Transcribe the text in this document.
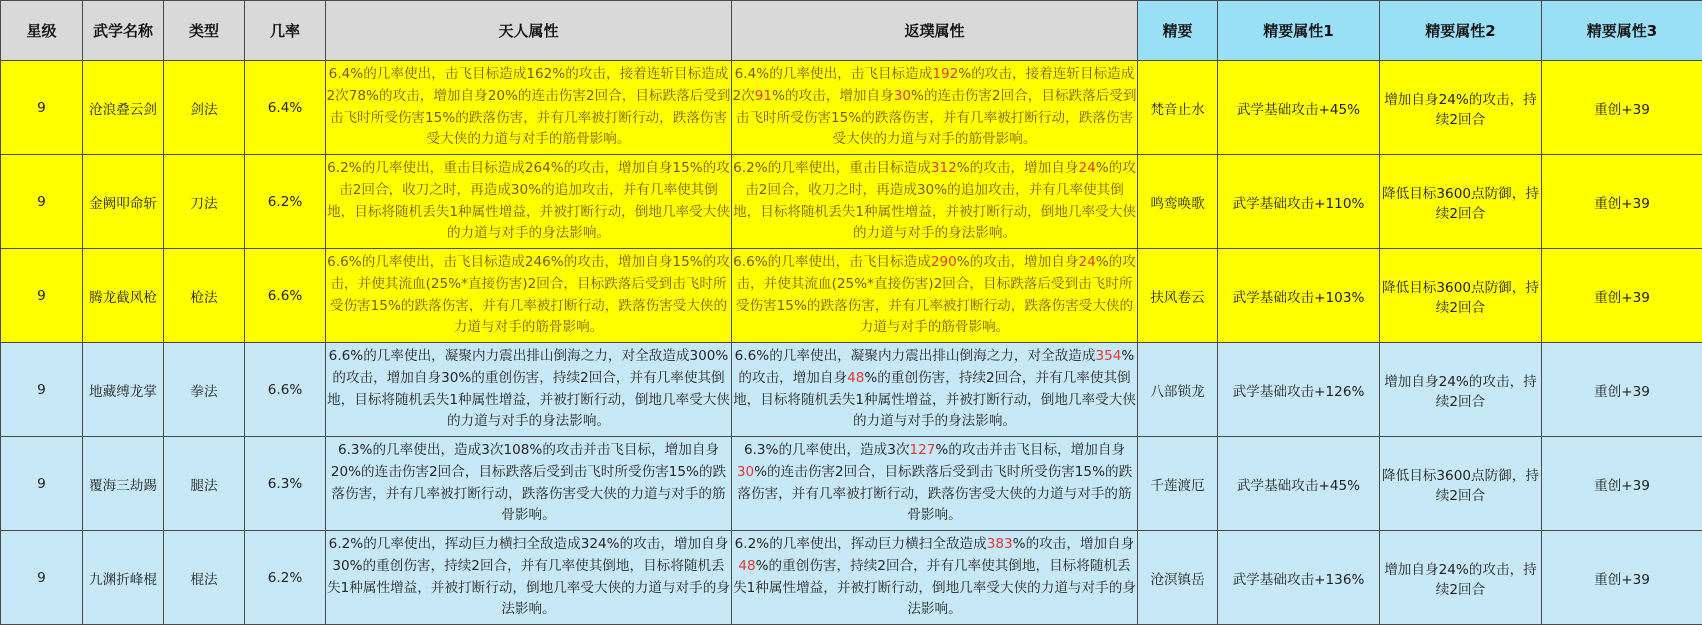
星级	武学名称	类型	几率	天人属性	返璞属性	精要	精要属性1	精要属性2	精要属性3
9	沧浪叠云剑	剑法	6.4%	6.4%的几率使出，击飞目标造成162%的攻击，接着连斩目标造成2次78%的攻击，增加自身20%的连击伤害2回合，目标跌落后受到击飞时所受伤害15%的跌落伤害，并有几率被打断行动，跌落伤害受大侠的力道与对手的筋骨影响。	6.4%的几率使出，击飞目标造成192%的攻击，接着连斩目标造成2次91%的攻击，增加自身30%的连击伤害2回合，目标跌落后受到击飞时所受伤害15%的跌落伤害，并有几率被打断行动，跌落伤害受大侠的力道与对手的筋骨影响。	梵音止水	武学基础攻击+45%	增加自身24%的攻击，持续2回合	重创+39
9	金阙叩命斩	刀法	6.2%	6.2%的几率使出，重击目标造成264%的攻击，增加自身15%的攻击2回合，收刀之时，再造成30%的追加攻击，并有几率使其倒地，目标将随机丢失1种属性增益，并被打断行动，倒地几率受大侠的力道与对手的身法影响。	6.2%的几率使出，重击目标造成312%的攻击，增加自身24%的攻击2回合，收刀之时，再造成30%的追加攻击，并有几率使其倒地，目标将随机丢失1种属性增益，并被打断行动，倒地几率受大侠的力道与对手的身法影响。	鸣鸾唤歌	武学基础攻击+110%	降低目标3600点防御，持续2回合	重创+39
9	腾龙截风枪	枪法	6.6%	6.6%的几率使出，击飞目标造成246%的攻击，增加自身15%的攻击，并使其流血(25%*直接伤害)2回合，目标跌落后受到击飞时所受伤害15%的跌落伤害，并有几率被打断行动，跌落伤害受大侠的力道与对手的筋骨影响。	6.6%的几率使出，击飞目标造成290%的攻击，增加自身24%的攻击，并使其流血(25%*直接伤害)2回合，目标跌落后受到击飞时所受伤害15%的跌落伤害，并有几率被打断行动，跌落伤害受大侠的力道与对手的筋骨影响。	扶风卷云	武学基础攻击+103%	降低目标3600点防御，持续2回合	重创+39
9	地藏缚龙掌	拳法	6.6%	6.6%的几率使出，凝聚内力震出排山倒海之力，对全敌造成300%的攻击，增加自身30%的重创伤害，持续2回合，并有几率使其倒地，目标将随机丢失1种属性增益，并被打断行动，倒地几率受大侠的力道与对手的身法影响。	6.6%的几率使出，凝聚内力震出排山倒海之力，对全敌造成354%的攻击，增加自身48%的重创伤害，持续2回合，并有几率使其倒地，目标将随机丢失1种属性增益，并被打断行动，倒地几率受大侠的力道与对手的身法影响。	八部锁龙	武学基础攻击+126%	增加自身24%的攻击，持续2回合	重创+39
9	覆海三劫踢	腿法	6.3%	6.3%的几率使出，造成3次108%的攻击并击飞目标，增加自身20%的连击伤害2回合，目标跌落后受到击飞时所受伤害15%的跌落伤害，并有几率被打断行动，跌落伤害受大侠的力道与对手的筋骨影响。	6.3%的几率使出，造成3次127%的攻击并击飞目标，增加自身30%的连击伤害2回合，目标跌落后受到击飞时所受伤害15%的跌落伤害，并有几率被打断行动，跌落伤害受大侠的力道与对手的筋骨影响。	千莲渡厄	武学基础攻击+45%	降低目标3600点防御，持续2回合	重创+39
9	九渊折峰棍	棍法	6.2%	6.2%的几率使出，挥动巨力横扫全敌造成324%的攻击，增加自身30%的重创伤害，持续2回合，并有几率使其倒地，目标将随机丢失1种属性增益，并被打断行动，倒地几率受大侠的力道与对手的身法影响。	6.2%的几率使出，挥动巨力横扫全敌造成383%的攻击，增加自身48%的重创伤害，持续2回合，并有几率使其倒地，目标将随机丢失1种属性增益，并被打断行动，倒地几率受大侠的力道与对手的身法影响。	沧溟镇岳	武学基础攻击+136%	增加自身24%的攻击，持续2回合	重创+39
